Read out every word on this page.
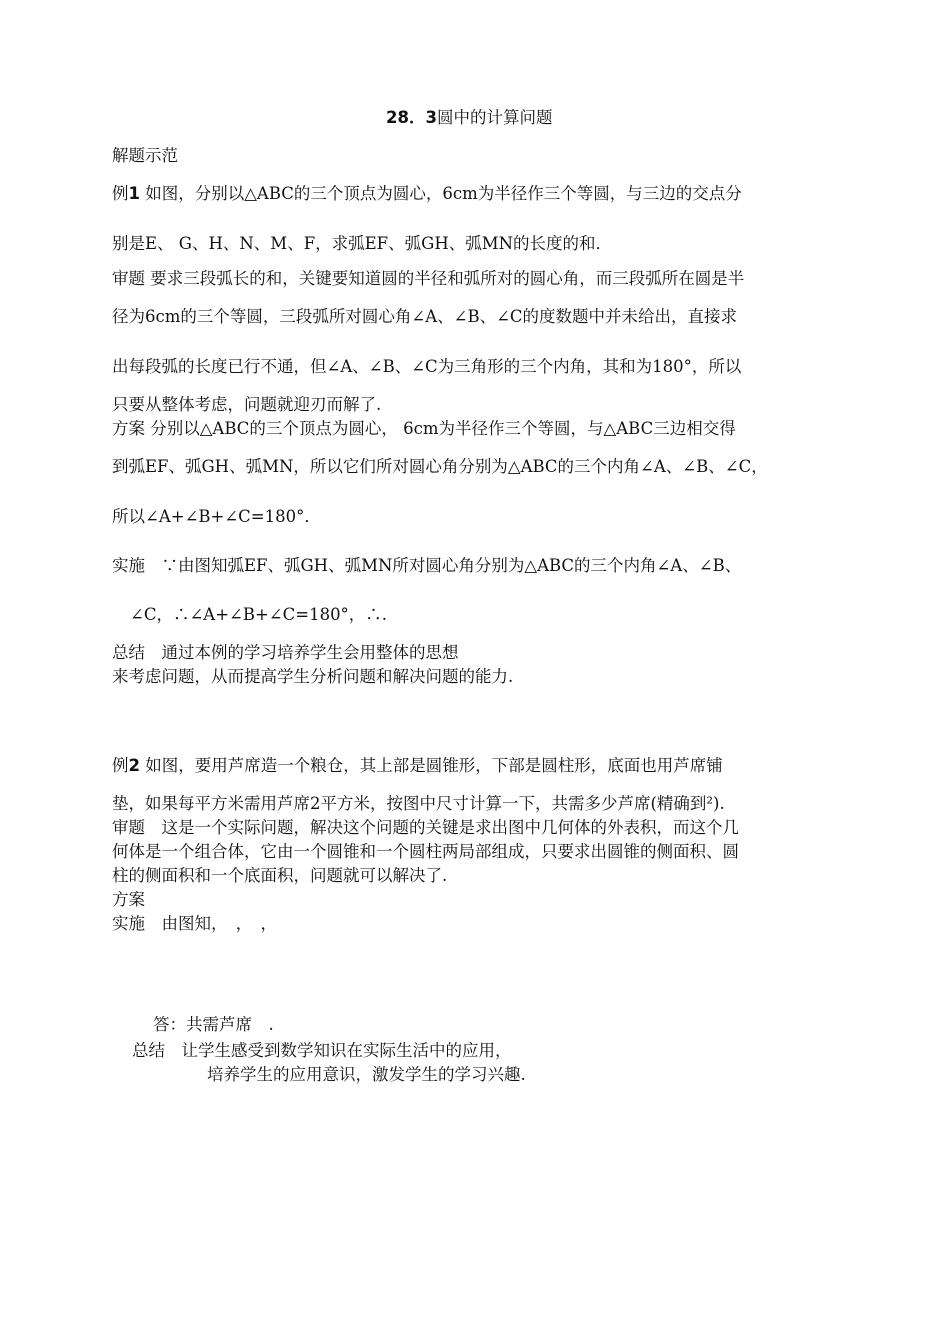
28．3圆中的计算问题
解题示范
例1 如图，分别以△ABC的三个顶点为圆心，6cm为半径作三个等圆，与三边的交点分
别是E、 G、H、N、M、F，求弧EF、弧GH、弧MN的长度的和．
审题 要求三段弧长的和，关键要知道圆的半径和弧所对的圆心角，而三段弧所在圆是半
径为6cm的三个等圆，三段弧所对圆心角∠A、∠B、∠C的度数题中并未给出，直接求
出每段弧的长度已行不通，但∠A、∠B、∠C为三角形的三个内角，其和为180°，所以
只要从整体考虑，问题就迎刃而解了.
方案 分别以△ABC的三个顶点为圆心， 6cm为半径作三个等圆，与△ABC三边相交得
到弧EF、弧GH、弧MN，所以它们所对圆心角分别为△ABC的三个内角∠A、∠B、∠C，
所以∠A+∠B+∠C=180°．
实施　∵由图知弧EF、弧GH、弧MN所对圆心角分别为△ABC的三个内角∠A、∠B、
∠C，∴∠A+∠B+∠C=180°，∴.
总结　通过本例的学习培养学生会用整体的思想
来考虑问题，从而提高学生分析问题和解决问题的能力.
例2 如图，要用芦席造一个粮仓，其上部是圆锥形，下部是圆柱形，底面也用芦席铺
垫，如果每平方米需用芦席2平方米，按图中尺寸计算一下，共需多少芦席(精确到²).
审题　这是一个实际问题，解决这个问题的关键是求出图中几何体的外表积，而这个几
何体是一个组合体，它由一个圆锥和一个圆柱两局部组成，只要求出圆锥的侧面积、圆
柱的侧面积和一个底面积，问题就可以解决了.
方案
实施　由图知，　，　，
答：共需芦席　.
总结　让学生感受到数学知识在实际生活中的应用，
培养学生的应用意识，激发学生的学习兴趣.
